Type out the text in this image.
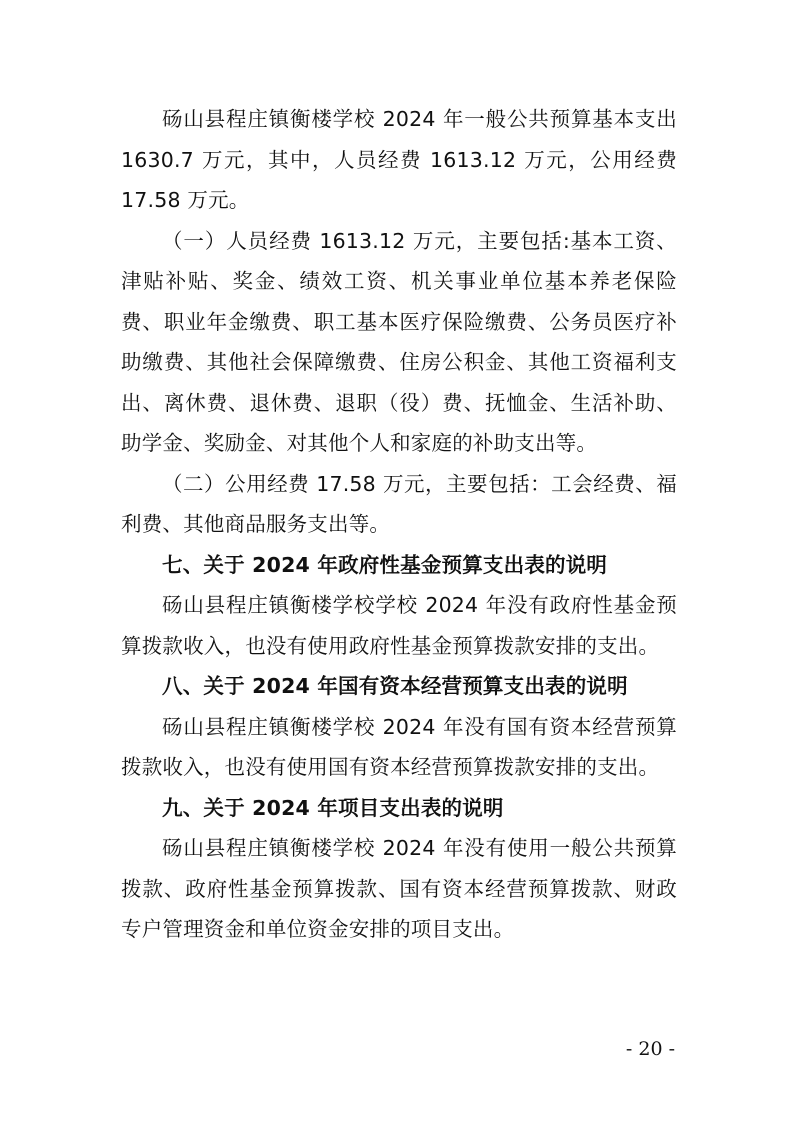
砀山县程庄镇衡楼学校 2024 年一般公共预算基本支出 1630.7 万元，其中，人员经费 1613.12 万元，公用经费 17.58 万元。

（一）人员经费 1613.12 万元，主要包括:基本工资、津贴补贴、奖金、绩效工资、机关事业单位基本养老保险费、职业年金缴费、职工基本医疗保险缴费、公务员医疗补助缴费、其他社会保障缴费、住房公积金、其他工资福利支出、离休费、退休费、退职（役）费、抚恤金、生活补助、助学金、奖励金、对其他个人和家庭的补助支出等。

（二）公用经费 17.58 万元，主要包括：工会经费、福利费、其他商品服务支出等。

七、关于 2024 年政府性基金预算支出表的说明

砀山县程庄镇衡楼学校学校 2024 年没有政府性基金预算拨款收入，也没有使用政府性基金预算拨款安排的支出。

八、关于 2024 年国有资本经营预算支出表的说明

砀山县程庄镇衡楼学校 2024 年没有国有资本经营预算拨款收入，也没有使用国有资本经营预算拨款安排的支出。

九、关于 2024 年项目支出表的说明

砀山县程庄镇衡楼学校 2024 年没有使用一般公共预算拨款、政府性基金预算拨款、国有资本经营预算拨款、财政专户管理资金和单位资金安排的项目支出。

- 20 -
